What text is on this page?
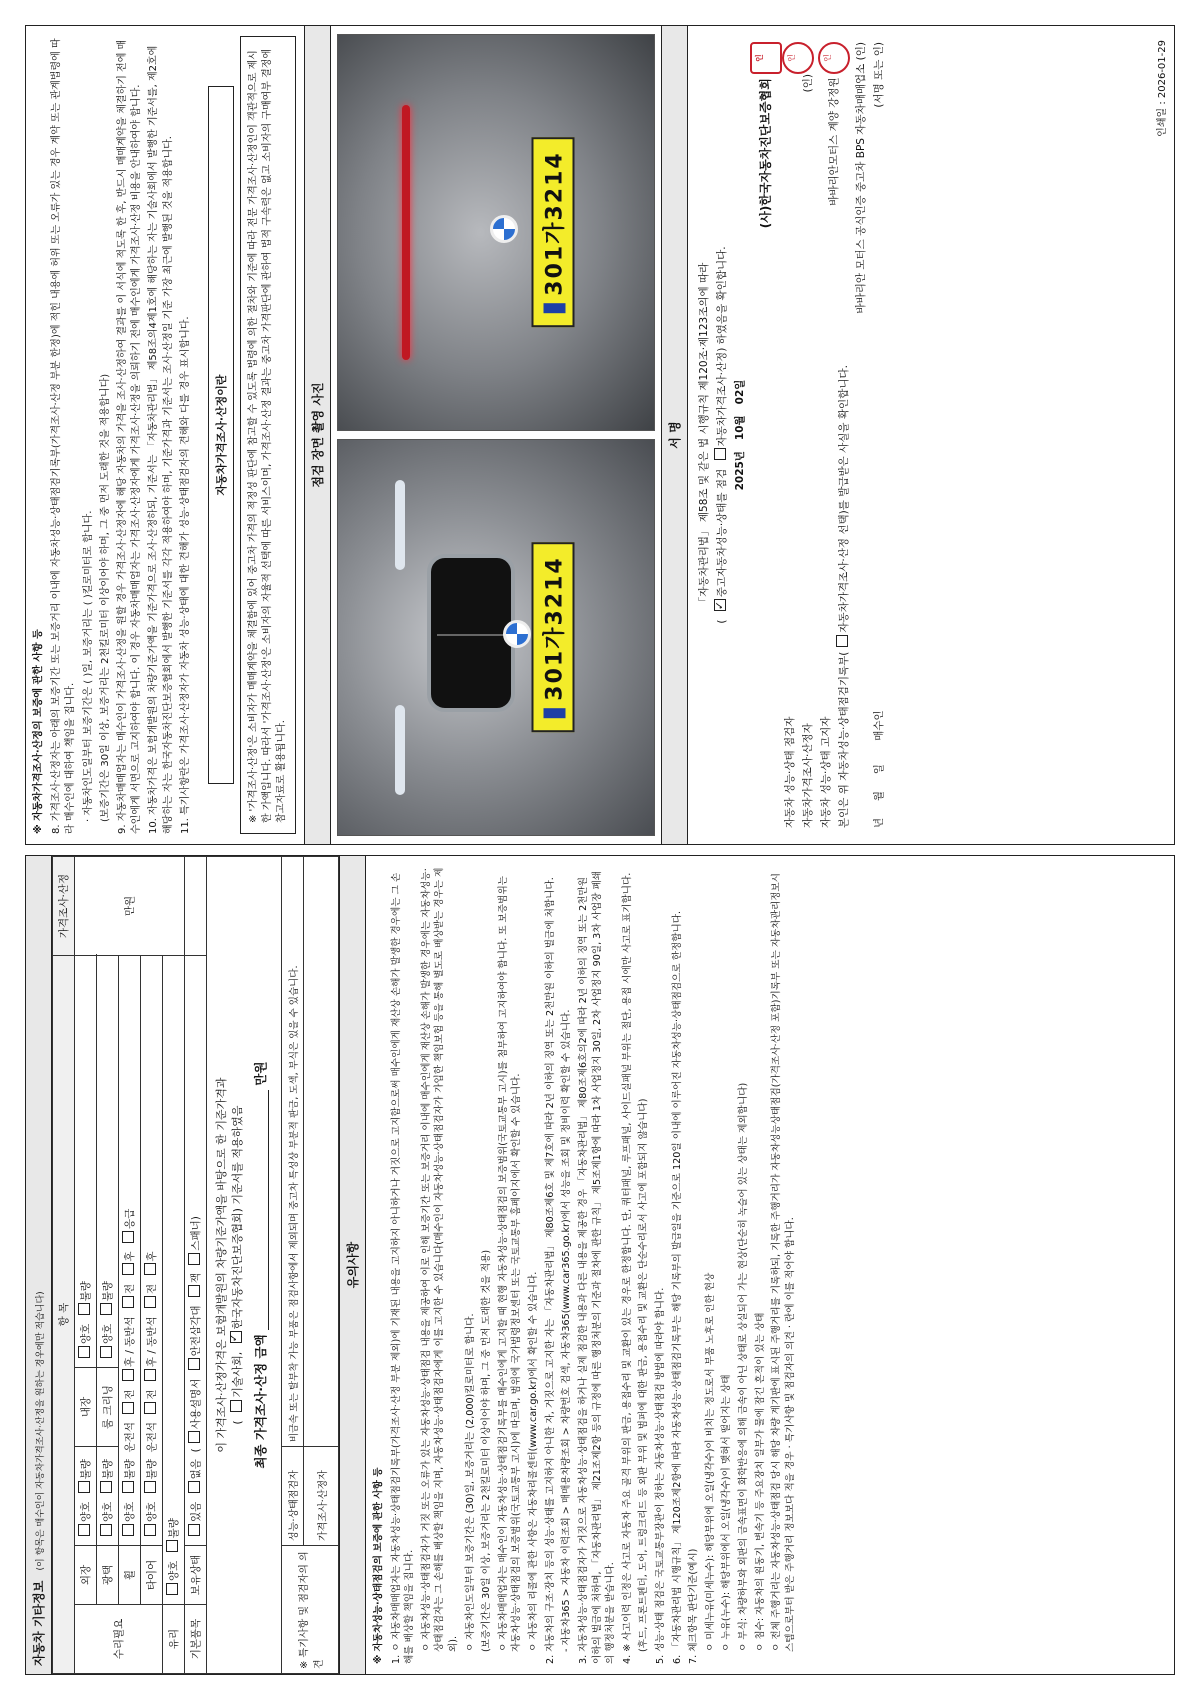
자동차 기타정보 (이 항목은 매수인이 자동차가격조사·산정을 원하는 경우에만 적습니다)	항 목					가격조사·산정
수리필요	외장	양호 불량	내장	양호 불량	만원
	광택	양호 불량	룸 크리닝	양호 불량	
	휠	양호 불량  운전석 전 후 / 동반석 전 후 응급			
	타이어	양호 불량  운전석 전 후 / 동반석 전 후			
유리	양호 불량				
기본품목	보유상태	있음 없음  (사용설명서 안전삼각대 잭 스패너)			

이 가격조사·산정가격은 보험개발원의 차량기준가액을 바탕으로 한 기준가격과
( 기술사회, ✓한국자동차진단보증협회) 기준서를 적용하였음
최종 가격조사·산정 금액  만원

※ 특기사항 및 점검자의 의견		성능·상태점검자	비금속 또는 탈부착 가능 부품은 점검사항에서 제외되며 중고차 특성상 부분적 판금, 도색, 부식은 있을 수 있습니다.		
		가격조사·산정자			
유의사항

※ 자동차성능·상태점검의 보증에 관한 사항 등 1. ㅇ 자동차매매업자는 자동차성능·상태점검기록부(가격조사·산정 부분 제외)에 기재된 내용을 고지하지 아니하거나 거짓으로 고지함으로써 매수인에게 재산상 손해가 발생한 경우에는 그 손해를 배상할 책임을 집니다. ㅇ 자동차성능·상태점검자가 거짓 또는 오류가 있는 자동차성능·상태점검 내용을 제공하여 이로 인해 보증기간 또는 보증거리 이내에 매수인에게 재산상 손해가 발생한 경우에는 자동차성능·상태점검자는 그 손해를 배상할 책임을 지며, 자동차성능·상태점검자에게 이를 고지한 수 있습니다(매수인이 자동차성능·상태점검자가 가입한 책임보험 등을 통해 별도로 배상받는 경우는 제외). ㅇ 자동차인도일부터 보증기간은 (30)일, 보증거리는 (2,000)킬로미터로 합니다. (보증기간은 30일 이상, 보증거리는 2천킬로미터 이상이어야 하며, 그 중 먼저 도래한 것을 적용) ㅇ 자동차매매업자는 매수인이 자동차성능·상태점검기록부를 매수인에게 고지할 때 현행 자동차성능·상태점검의 보증범위(국토교통부 고시)를 첨부하여 고지하여야 합니다. 또 보증범위는 자동차성능·상태점검의 보증범위(국토교통부 고시)에 따르며, 범위에 국가법령정보센터 또는 국토교통부 홈페이지에서 확인할 수 있습니다. ㅇ 자동차의 리콜에 관한 사항은 자동차리콜센터(www.car.go.kr)에서 확인할 수 있습니다. 2. 자동차의 구조·장치 등의 성능·상태를 고지하지 아니한 자, 거짓으로 고지한 자는 「자동차관리법」 제80조제6호 및 제7호에 따라 2년 이하의 징역 또는 2천만원 이하의 벌금에 처합니다. - 자동차365 > 자동차 이력조회 > 매매용차량조회 > 차량번호 검색, 자동차365(www.car365.go.kr)에서 성능을 조회 및 정비이력 확인할 수 있습니다. 3. 자동차성능·상태점검자가 거짓으로 자동차성능·상태점검을 하거나 실제 점검한 내용과 다른 내용을 제공한 경우 「자동차관리법」 제80조제6호의2에 따라 2년 이하의 징역 또는 2천만원 이하의 벌금에 처하며, 「자동차관리법」 제21조제2항 등의 규정에 따른 행정처분의 기준과 절차에 관한 규칙」 제5조제1항에 따라 1차 사업정지 30일, 2차 사업정지 90일, 3차 사업장 폐쇄의 행정처분을 받습니다. 4. ※ 사고이력 인정은 사고로 자동차 주요 골격 부위의 판금, 용접수리 및 교환이 있는 경우로 한정합니다. 단, 쿼터패널, 루프패널, 사이드실패널 부위는 절단, 용접 시에만 사고로 표기합니다. (후드, 프론트펜더, 도어, 트렁크리드 등 외판 부위 및 범퍼에 대한 판금, 용접수리 및 교환은 단순수리로서 사고에 포함되지 않습니다) 5. 성능·상태 점검은 국토교통부장관이 정하는 자동차성능·상태점검 방법에 따라야 합니다. 6. 「자동차관리법 시행규칙」 제120조제2항에 따라 자동차성능·상태점검기록부는 해당 기록부의 발급일을 기준으로 120일 이내에 이루어진 자동차성능·상태점검으로 한정합니다. 7. 체크항목 판단기준(예시) ㅇ 미세누유(미세누수): 해당부위에 오일(냉각수)이 비치는 정도로서 부품 노후로 인한 현상 ㅇ 누유(누수): 해당부위에서 오일(냉각수)이 맺혀서 떨어지는 상태 ㅇ 부식: 차량하부와 외판의 금속표면이 화학반응에 의해 금속이 아닌 상태로 상실되어 가는 현상(단순히 녹슬어 있는 상태는 제외합니다) ㅇ 침수: 자동차의 원동기, 변속기 등 주요장치 일부가 물에 잠긴 흔적이 있는 상태 ㅇ 전체 주행거리는 자동차성능·상태점검 당시 해당 차량 계기판에 표시된 주행거리를 기록하되, 기록한 주행거리가 자동차성능상태점검(가격조사·산정 포함)기록부 또는 자동차관리정보시스템으로부터 받은 주행거리 정보보다 적을 경우 · 특기사항 및 점검자의 의견 · 란에 이를 적어야 합니다.

※ 자동차가격조사·산정의 보증에 관한 사항 등 8. 가격조사·산정자는 아래의 보증기간 또는 보증거리 이내에 자동차성능·상태점검기록부(가격조사·산정 부분 한정)에 적힌 내용에 허위 또는 오류가 있는 경우 계약 또는 관계법령에 따라 매수인에 대하여 책임을 집니다. · 자동차인도일부터 보증기간은 ( )일, 보증거리는 ( )킬로미터로 합니다. (보증기간은 30일 이상, 보증거리는 2천킬로미터 이상이어야 하며, 그 중 먼저 도래한 것을 적용합니다) 9. 자동차매매업자는 매수인이 가격조사·산정을 원할 경우 가격조사·산정자에 해당 자동차의 가격을 조사·산정하여 결과를 이 서식에 적도록 한 후, 반드시 매매계약을 체결하기 전에 매수인에게 서면으로 고지하여야 합니다. 이 경우 자동차매매업자는 가격조사·산정자에게 가격조사·산정을 의뢰하기 전에 매수인에게 가격조사·산정 비용을 안내하여야 합니다. 10. 자동차가격은 보험개발원의 차량기준가액을 기준가격으로 조사·산정하되, 기준서는 「자동차관리법」 제58조의4제1호에 해당하는 자는 기술사회에서 발행한 기준서를, 제2호에 해당하는 자는 한국자동차진단보증협회에서 발행한 기준서를 각각 적용하여야 하며, 기준가격과 기준서는 조사·산정일 기준 가장 최근에 발행된 것을 적용합니다. 11. 특기사항란은 가격조사·산정자가 자동차 성능·상태에 대한 견해가 성능·상태점검자의 견해와 다를 경우 표시합니다.	자동차가격조사·산정이란	※ '가격조사·산정'은 소비자가 매매계약을 체결함에 있어 중고차 가격의 적정성 판단에 참고할 수 있도록 법령에 의한 절차와 기준에 따라 전문 가격조사·산정인이 객관적으로 제시한 가액입니다. 따라서 '가격조사·산정'은 소비자의 자율적 선택에 따른 서비스이며, 가격조사·산정 결과는 중고차 가격판단에 관하여 법적 구속력은 없고 소비자의 구매여부 결정에 참고자료로 활용됩니다.
점검 장면 촬영 사진
301가3214
301가3214
서 명	「자동차관리법」 제58조 및 같은 법 시행규칙 제120조·제123조의에 따라
( ✓중고자동차성능·상태를 점검 자동차가격조사·산정) 하였음을 확인합니다.
2025년   10월   02일
(사)한국자동차진단보증협회 인
자동차 성능·상태 점검자
인
자동차가격조사·산정자
(인)
자동차 성능·상태 고지자
바바리안모터스 계양 강정원 인
본인은 위 자동차성능·상태점검기록부(자동차가격조사·산정 선택)를 발급받은 사실을 확인합니다.
바바리안 모터스 공식인증 중고차 BPS 자동차매매업소 (인)
년     월     일       매수인
(서명 또는 인)	인쇄일 : 2026-01-29
